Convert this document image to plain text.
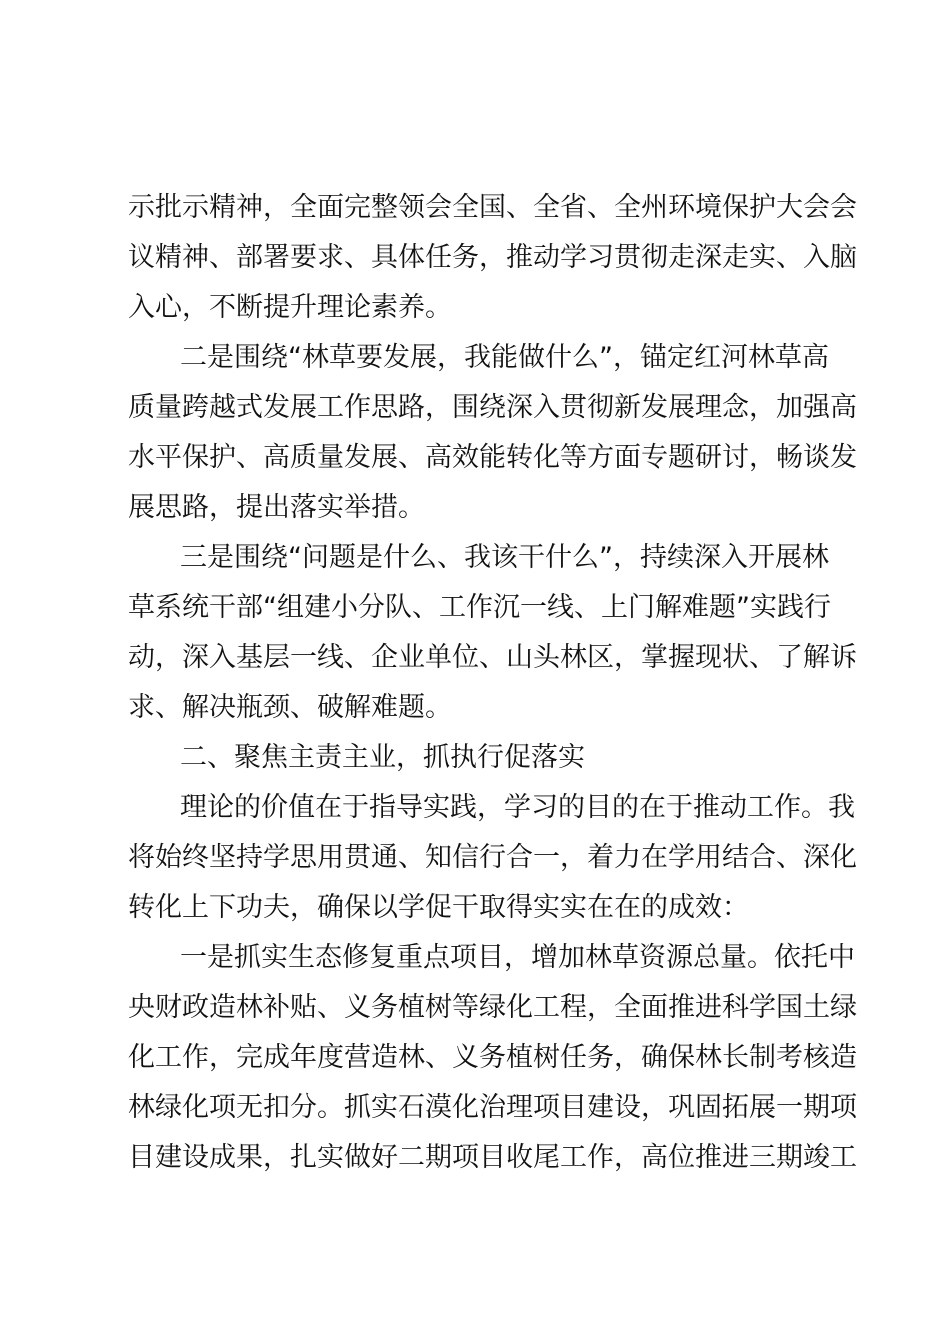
示批示精神，全面完整领会全国、全省、全州环境保护大会会
议精神、部署要求、具体任务，推动学习贯彻走深走实、入脑
入心，不断提升理论素养。
二是围绕“林草要发展，我能做什么”，锚定红河林草高
质量跨越式发展工作思路，围绕深入贯彻新发展理念，加强高
水平保护、高质量发展、高效能转化等方面专题研讨，畅谈发
展思路，提出落实举措。
三是围绕“问题是什么、我该干什么”，持续深入开展林
草系统干部“组建小分队、工作沉一线、上门解难题”实践行
动，深入基层一线、企业单位、山头林区，掌握现状、了解诉
求、解决瓶颈、破解难题。
二、聚焦主责主业，抓执行促落实
理论的价值在于指导实践，学习的目的在于推动工作。我
将始终坚持学思用贯通、知信行合一，着力在学用结合、深化
转化上下功夫，确保以学促干取得实实在在的成效：
一是抓实生态修复重点项目，增加林草资源总量。依托中
央财政造林补贴、义务植树等绿化工程，全面推进科学国土绿
化工作，完成年度营造林、义务植树任务，确保林长制考核造
林绿化项无扣分。抓实石漠化治理项目建设，巩固拓展一期项
目建设成果，扎实做好二期项目收尾工作，高位推进三期竣工
